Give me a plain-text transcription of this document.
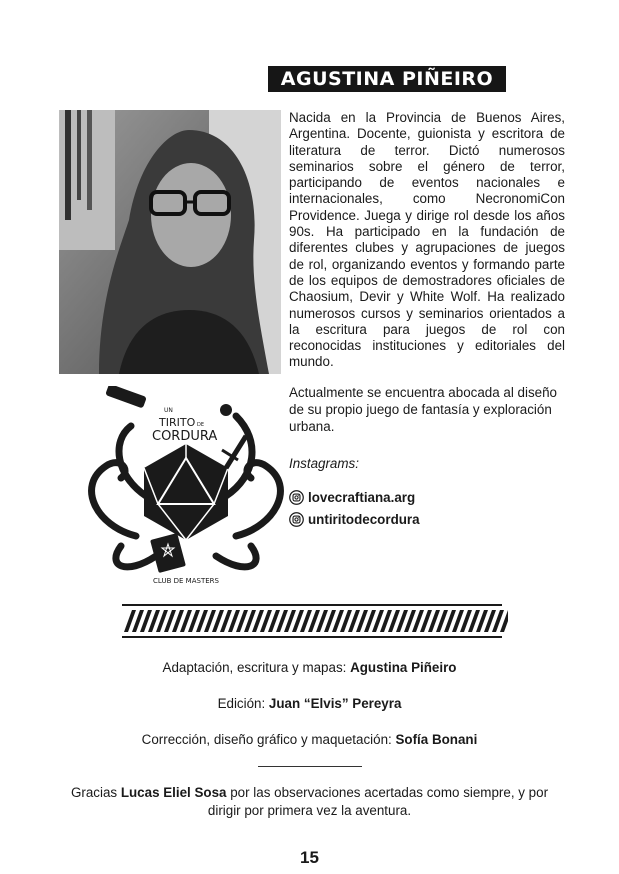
AGUSTINA PIÑEIRO

Nacida en la Provincia de Buenos Aires, Argentina. Docente, guionista y escritora de literatura de terror. Dictó numerosos seminarios sobre el género de terror, participando de eventos nacionales e internacionales, como NecronomiCon Providence. Juega y dirige rol desde los años 90s. Ha participado en la fundación de diferentes clubes y agrupaciones de juegos de rol, organizando eventos y formando parte de los equipos de demostradores oficiales de Chaosium, Devir y White Wolf. Ha realizado numerosos cursos y seminarios orientados a la escritura para juegos de rol con reconocidas instituciones y editoriales del mundo.

Actualmente se encuentra abocada al diseño de su propio juego de fantasía y exploración urbana.

Instagrams:
lovecraftiana.arg
untiritodecordura
UN
TIRITO DE
CORDURA
CLUB DE MASTERS
Adaptación, escritura y mapas: Agustina Piñeiro
Edición: Juan “Elvis” Pereyra
Corrección, diseño gráfico y maquetación: Sofía Bonani
Gracias Lucas Eliel Sosa por las observaciones acertadas como siempre, y por dirigir por primera vez la aventura.
15
